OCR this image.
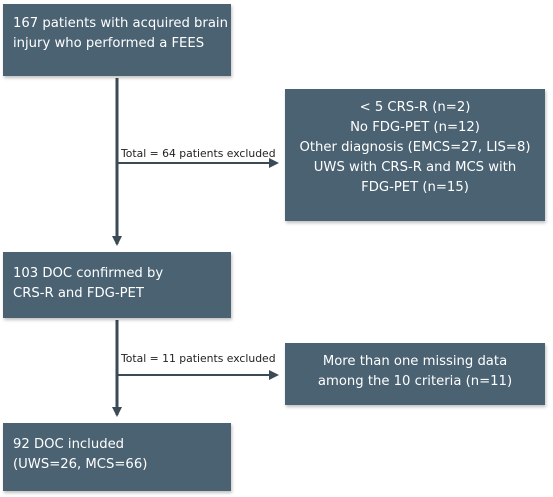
167 patients with acquired brain
injury who performed a FEES
< 5 CRS-R (n=2)
No FDG-PET (n=12)
Other diagnosis (EMCS=27, LIS=8)
UWS with CRS-R and MCS with
FDG-PET (n=15)
103 DOC confirmed by
CRS-R and FDG-PET
More than one missing data
among the 10 criteria (n=11)
92 DOC included
(UWS=26, MCS=66)
Total = 64 patients excluded
Total = 11 patients excluded
